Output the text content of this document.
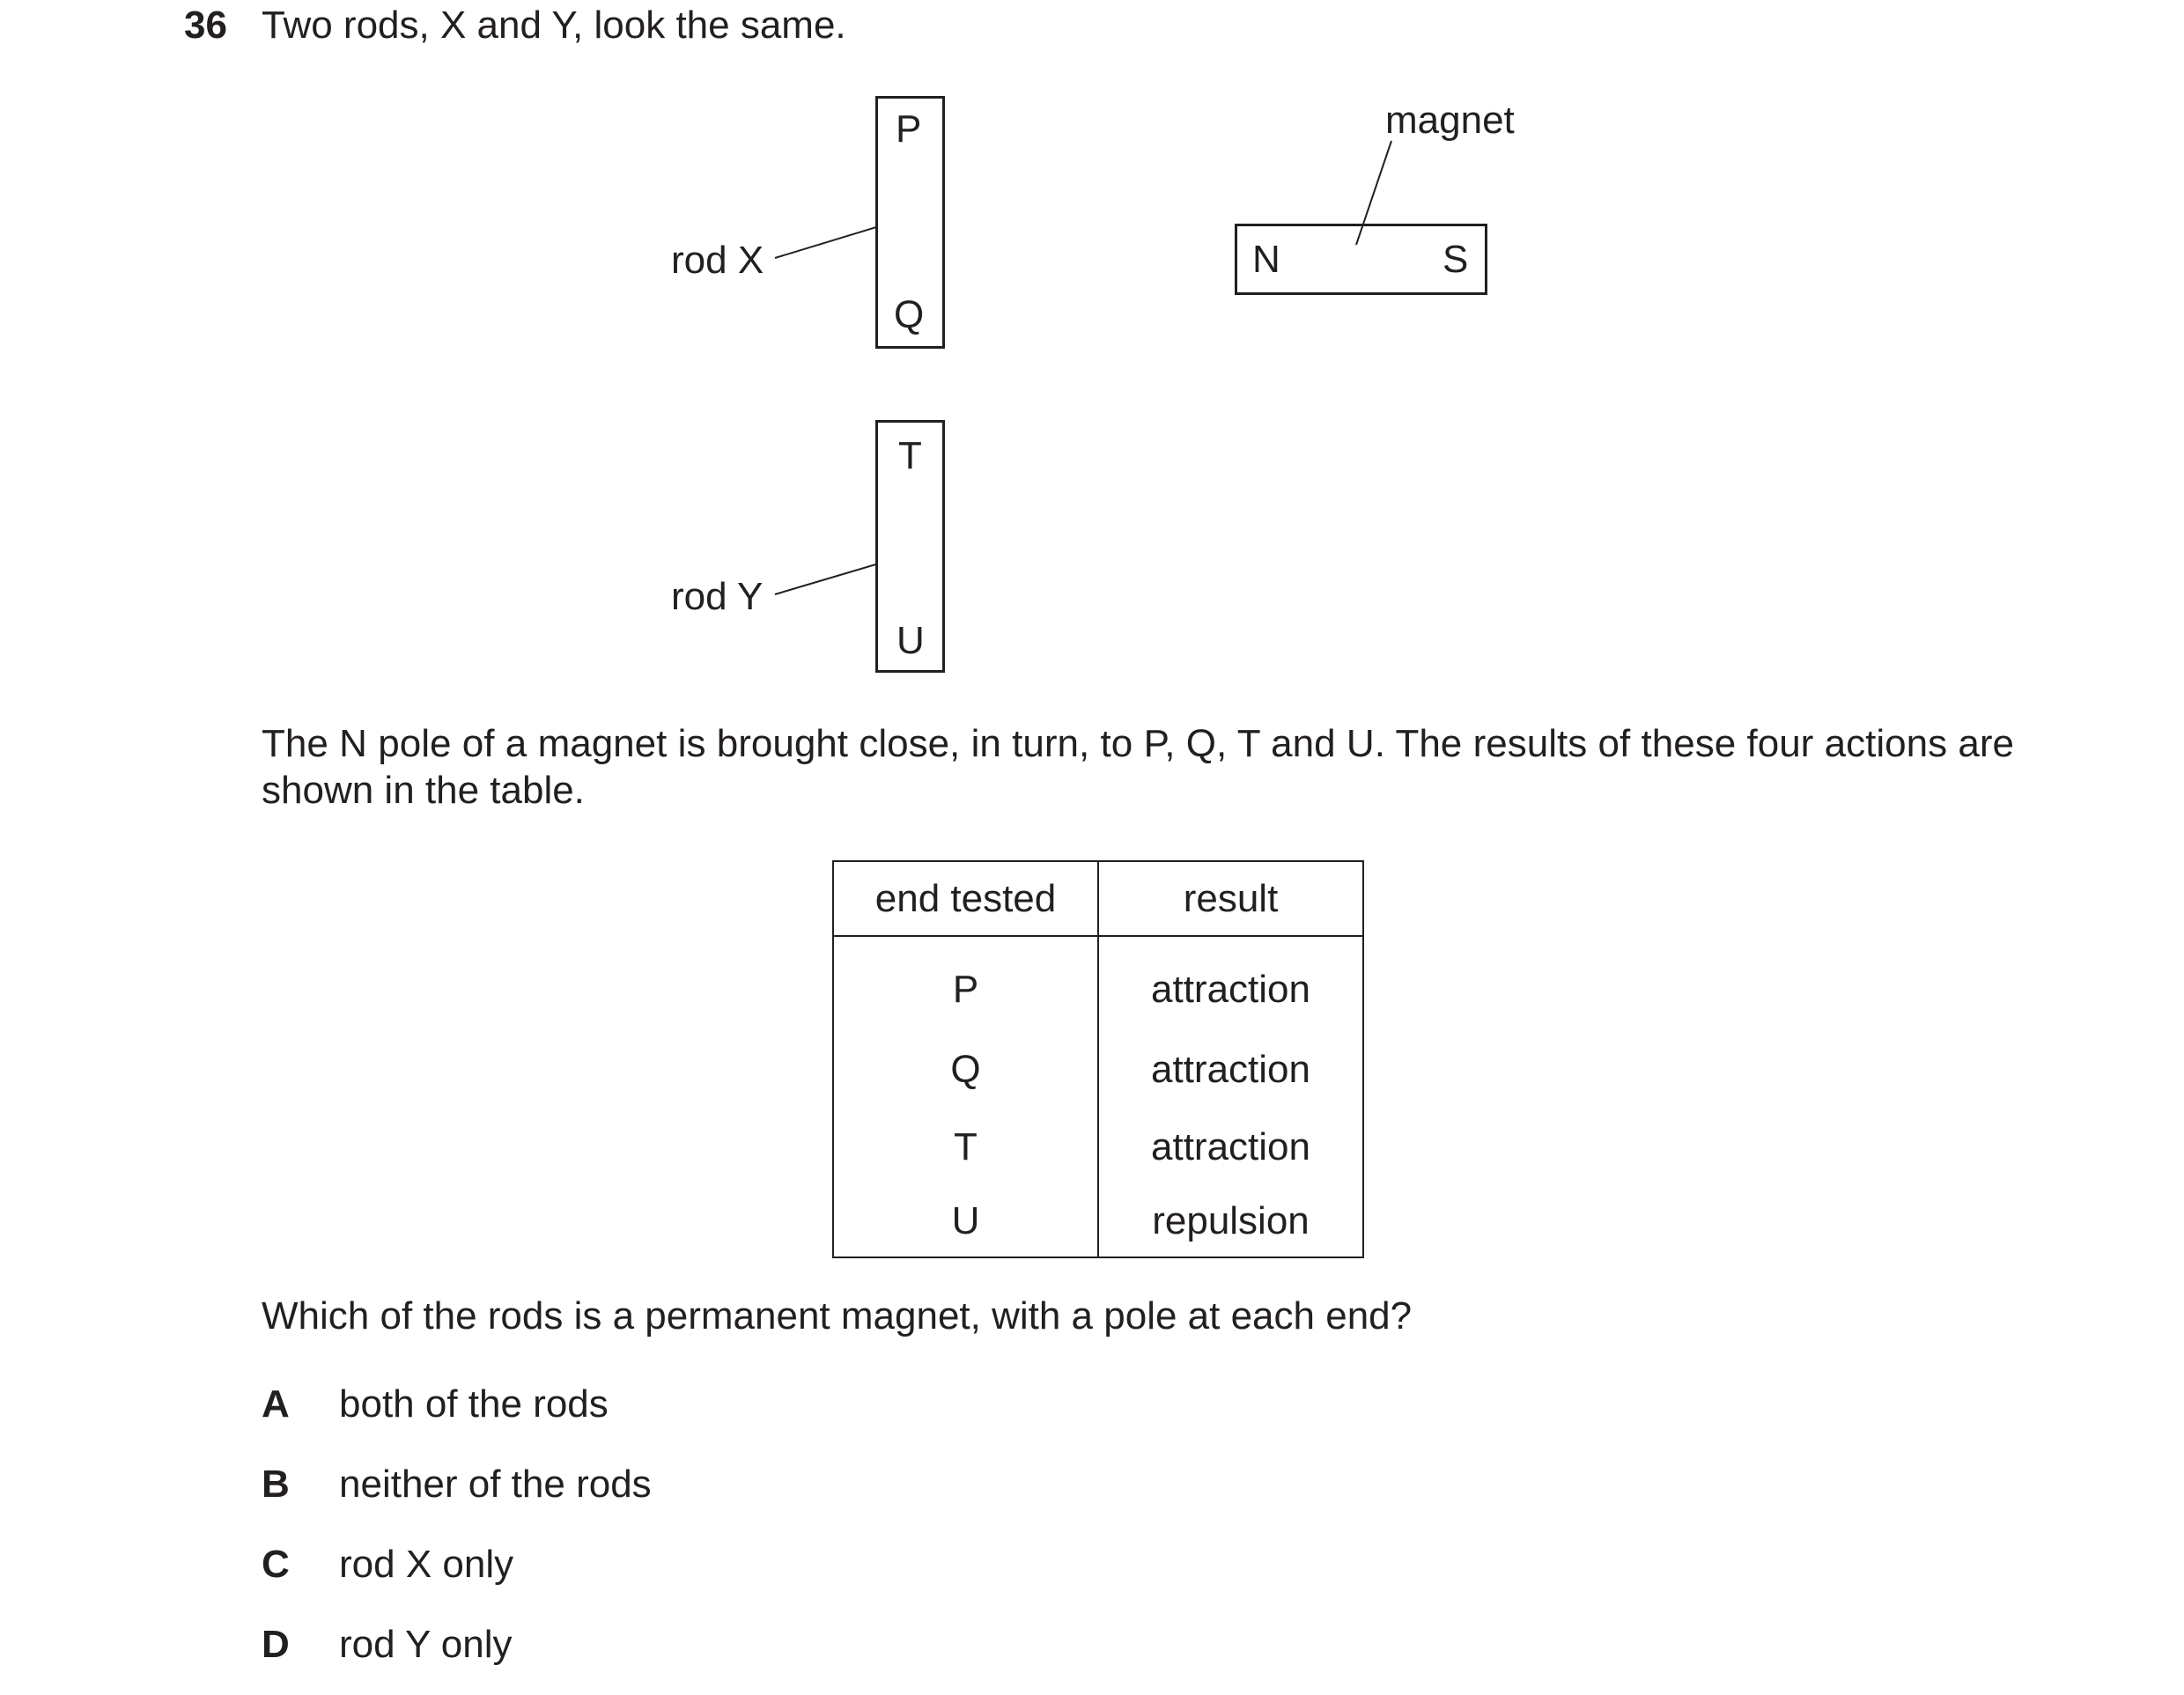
36 Two rods, X and Y, look the same.
rod X
P
Q
rod Y
T
U
magnet
N	S
The N pole of a magnet is brought close, in turn, to P, Q, T and U. The results of these four actions are shown in the table.
end tested	result
P	attraction
Q	attraction
T	attraction
U	repulsion
Which of the rods is a permanent magnet, with a pole at each end?
A both of the rods
B neither of the rods
C rod X only
D rod Y only
